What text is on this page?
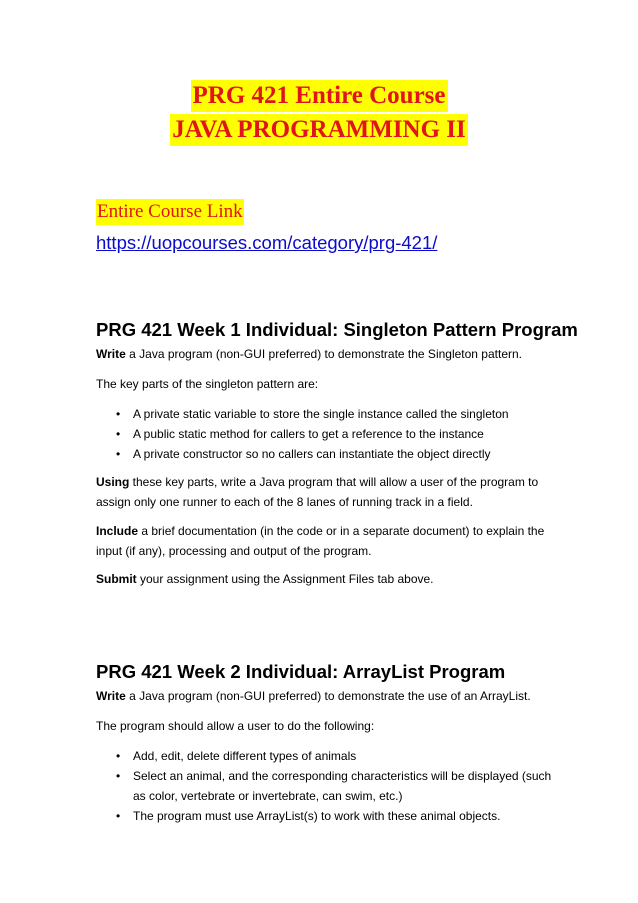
PRG 421 Entire Course
JAVA PROGRAMMING II
Entire Course Link
https://uopcourses.com/category/prg-421/
PRG 421 Week 1 Individual: Singleton Pattern Program

Write a Java program (non-GUI preferred) to demonstrate the Singleton pattern.

The key parts of the singleton pattern are:

• A private static variable to store the single instance called the singleton
• A public static method for callers to get a reference to the instance
• A private constructor so no callers can instantiate the object directly

Using these key parts, write a Java program that will allow a user of the program to assign only one runner to each of the 8 lanes of running track in a field.

Include a brief documentation (in the code or in a separate document) to explain the input (if any), processing and output of the program.

Submit your assignment using the Assignment Files tab above.

PRG 421 Week 2 Individual: ArrayList Program

Write a Java program (non-GUI preferred) to demonstrate the use of an ArrayList.

The program should allow a user to do the following:

• Add, edit, delete different types of animals
• Select an animal, and the corresponding characteristics will be displayed (such as color, vertebrate or invertebrate, can swim, etc.)
• The program must use ArrayList(s) to work with these animal objects.
